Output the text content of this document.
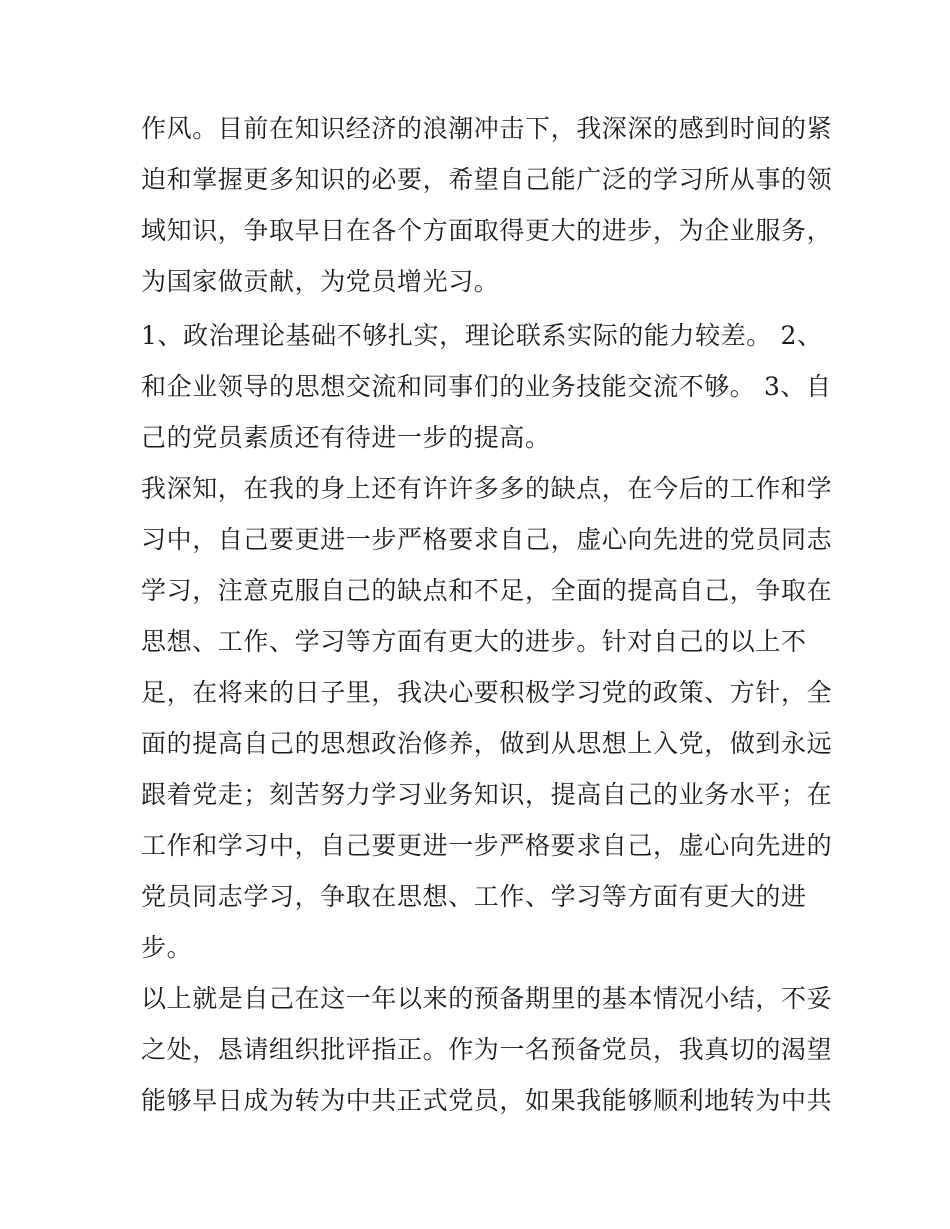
作风。目前在知识经济的浪潮冲击下，我深深的感到时间的紧
迫和掌握更多知识的必要，希望自己能广泛的学习所从事的领
域知识，争取早日在各个方面取得更大的进步，为企业服务，
为国家做贡献，为党员增光习。
1、政治理论基础不够扎实，理论联系实际的能力较差。 2、
和企业领导的思想交流和同事们的业务技能交流不够。 3、自
己的党员素质还有待进一步的提高。
我深知，在我的身上还有许许多多的缺点，在今后的工作和学
习中，自己要更进一步严格要求自己，虚心向先进的党员同志
学习，注意克服自己的缺点和不足，全面的提高自己，争取在
思想、工作、学习等方面有更大的进步。针对自己的以上不
足，在将来的日子里，我决心要积极学习党的政策、方针，全
面的提高自己的思想政治修养，做到从思想上入党，做到永远
跟着党走；刻苦努力学习业务知识，提高自己的业务水平；在
工作和学习中，自己要更进一步严格要求自己，虚心向先进的
党员同志学习，争取在思想、工作、学习等方面有更大的进
步。
以上就是自己在这一年以来的预备期里的基本情况小结，不妥
之处，恳请组织批评指正。作为一名预备党员，我真切的渴望
能够早日成为转为中共正式党员，如果我能够顺利地转为中共
